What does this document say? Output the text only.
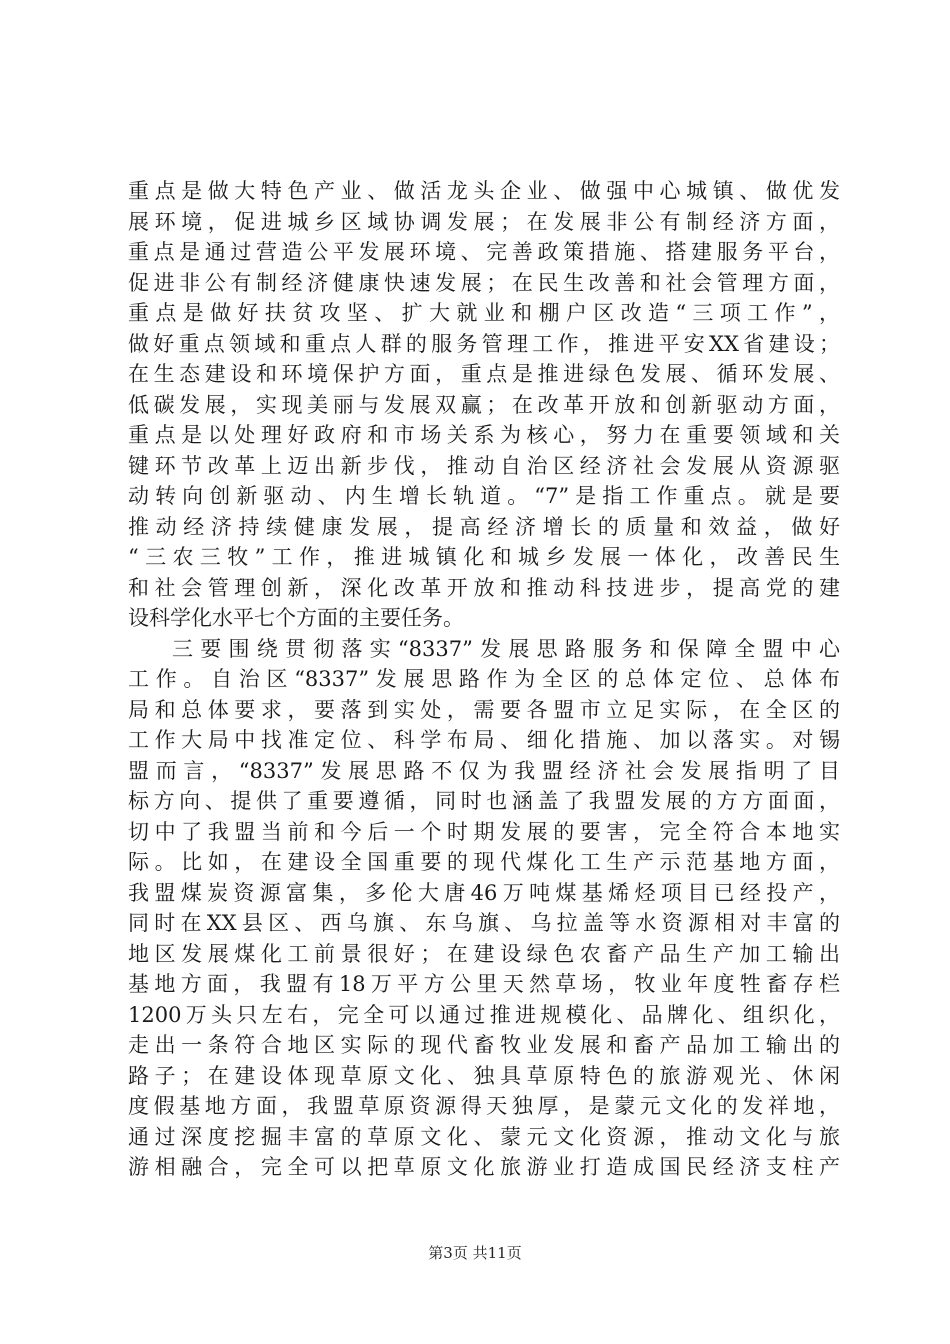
重点是做大特色产业、做活龙头企业、做强中心城镇、做优发
展环境，促进城乡区域协调发展；在发展非公有制经济方面，
重点是通过营造公平发展环境、完善政策措施、搭建服务平台，
促进非公有制经济健康快速发展；在民生改善和社会管理方面，
重点是做好扶贫攻坚、扩大就业和棚户区改造“三项工作”，
做好重点领域和重点人群的服务管理工作，推进平安XX省建设；
在生态建设和环境保护方面，重点是推进绿色发展、循环发展、
低碳发展，实现美丽与发展双赢；在改革开放和创新驱动方面，
重点是以处理好政府和市场关系为核心，努力在重要领域和关
键环节改革上迈出新步伐，推动自治区经济社会发展从资源驱
动转向创新驱动、内生增长轨道。“7”是指工作重点。就是要
推动经济持续健康发展，提高经济增长的质量和效益，做好
“三农三牧”工作，推进城镇化和城乡发展一体化，改善民生
和社会管理创新，深化改革开放和推动科技进步，提高党的建
设科学化水平七个方面的主要任务。
三要围绕贯彻落实“8337”发展思路服务和保障全盟中心
工作。自治区“8337”发展思路作为全区的总体定位、总体布
局和总体要求，要落到实处，需要各盟市立足实际，在全区的
工作大局中找准定位、科学布局、细化措施、加以落实。对锡
盟而言，“8337”发展思路不仅为我盟经济社会发展指明了目
标方向、提供了重要遵循，同时也涵盖了我盟发展的方方面面，
切中了我盟当前和今后一个时期发展的要害，完全符合本地实
际。比如，在建设全国重要的现代煤化工生产示范基地方面，
我盟煤炭资源富集，多伦大唐46万吨煤基烯烃项目已经投产，
同时在XX县区、西乌旗、东乌旗、乌拉盖等水资源相对丰富的
地区发展煤化工前景很好；在建设绿色农畜产品生产加工输出
基地方面，我盟有18万平方公里天然草场，牧业年度牲畜存栏
1200万头只左右，完全可以通过推进规模化、品牌化、组织化，
走出一条符合地区实际的现代畜牧业发展和畜产品加工输出的
路子；在建设体现草原文化、独具草原特色的旅游观光、休闲
度假基地方面，我盟草原资源得天独厚，是蒙元文化的发祥地，
通过深度挖掘丰富的草原文化、蒙元文化资源，推动文化与旅
游相融合，完全可以把草原文化旅游业打造成国民经济支柱产
第3页 共11页
